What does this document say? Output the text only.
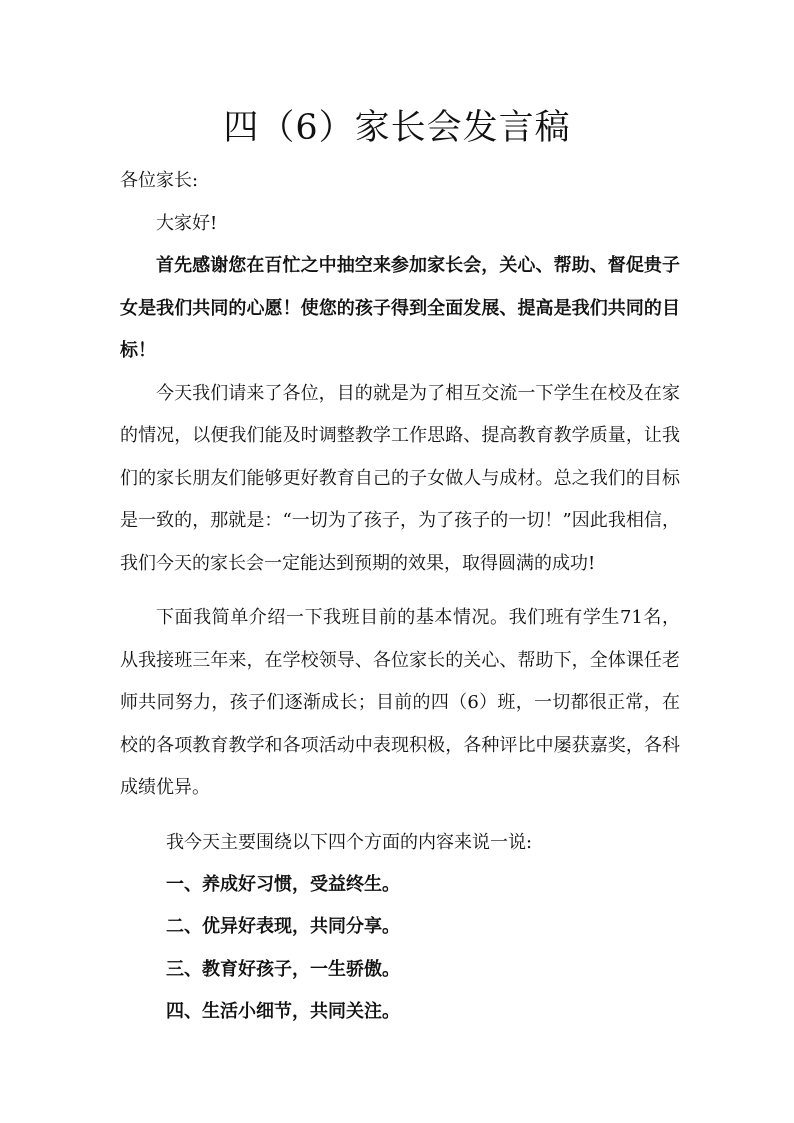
四（6）家长会发言稿

各位家长:

大家好!

首先感谢您在百忙之中抽空来参加家长会，关心、帮助、督促贵子女是我们共同的心愿！使您的孩子得到全面发展、提高是我们共同的目标！

今天我们请来了各位，目的就是为了相互交流一下学生在校及在家的情况，以便我们能及时调整教学工作思路、提高教育教学质量，让我们的家长朋友们能够更好教育自己的子女做人与成材。总之我们的目标是一致的，那就是：“一切为了孩子，为了孩子的一切！”因此我相信，我们今天的家长会一定能达到预期的效果，取得圆满的成功!

下面我简单介绍一下我班目前的基本情况。我们班有学生71名，从我接班三年来，在学校领导、各位家长的关心、帮助下，全体课任老师共同努力，孩子们逐渐成长；目前的四（6）班，一切都很正常，在校的各项教育教学和各项活动中表现积极，各种评比中屡获嘉奖，各科成绩优异。

我今天主要围绕以下四个方面的内容来说一说:

一、养成好习惯，受益终生。

二、优异好表现，共同分享。

三、教育好孩子，一生骄傲。

四、生活小细节，共同关注。
